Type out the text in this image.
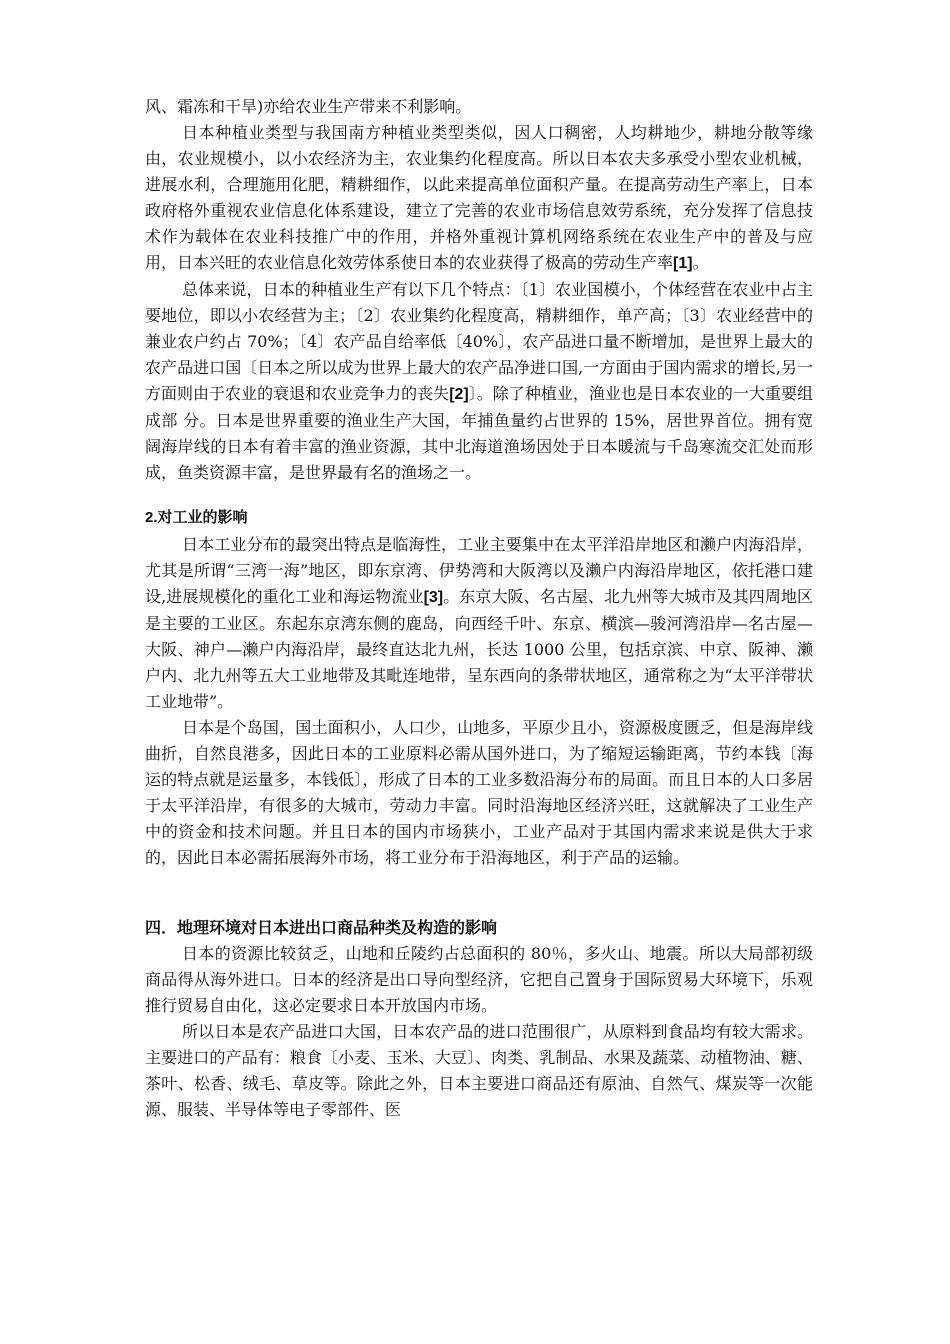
风、霜冻和干旱)亦给农业生产带来不利影响。

日本种植业类型与我国南方种植业类型类似，因人口稠密，人均耕地少，耕地分散等缘由，农业规模小，以小农经济为主，农业集约化程度高。所以日本农夫多承受小型农业机械，进展水利，合理施用化肥，精耕细作，以此来提高单位面积产量。在提高劳动生产率上，日本政府格外重视农业信息化体系建设，建立了完善的农业市场信息效劳系统，充分发挥了信息技术作为载体在农业科技推广中的作用，并格外重视计算机网络系统在农业生产中的普及与应用，日本兴旺的农业信息化效劳体系使日本的农业获得了极高的劳动生产率[1]。

总体来说，日本的种植业生产有以下几个特点：〔1〕农业国模小，个体经营在农业中占主要地位，即以小农经营为主；〔2〕农业集约化程度高，精耕细作，单产高；〔3〕农业经营中的兼业农户约占 70%；〔4〕农产品自给率低〔40%〕，农产品进口量不断增加，是世界上最大的农产品进口国〔日本之所以成为世界上最大的农产品净进口国,一方面由于国内需求的增长,另一方面则由于农业的衰退和农业竞争力的丧失[2]〕。除了种植业，渔业也是日本农业的一大重要组成部 分。日本是世界重要的渔业生产大国，年捕鱼量约占世界的 15%，居世界首位。拥有宽阔海岸线的日本有着丰富的渔业资源，其中北海道渔场因处于日本暖流与千岛寒流交汇处而形成，鱼类资源丰富，是世界最有名的渔场之一。

2.对工业的影响

日本工业分布的最突出特点是临海性，工业主要集中在太平洋沿岸地区和濑户内海沿岸，尤其是所谓“三湾一海”地区，即东京湾、伊势湾和大阪湾以及濑户内海沿岸地区，依托港口建设,进展规模化的重化工业和海运物流业[3]。东京大阪、名古屋、北九州等大城市及其四周地区是主要的工业区。东起东京湾东侧的鹿岛，向西经千叶、东京、横滨—骏河湾沿岸—名古屋—大阪、神户—濑户内海沿岸，最终直达北九州，长达 1000 公里，包括京滨、中京、阪神、濑户内、北九州等五大工业地带及其毗连地带，呈东西向的条带状地区，通常称之为“太平洋带状工业地带”。

日本是个岛国，国土面积小，人口少，山地多，平原少且小，资源极度匮乏，但是海岸线曲折，自然良港多，因此日本的工业原料必需从国外进口，为了缩短运输距离，节约本钱〔海运的特点就是运量多，本钱低〕，形成了日本的工业多数沿海分布的局面。而且日本的人口多居于太平洋沿岸，有很多的大城市，劳动力丰富。同时沿海地区经济兴旺，这就解决了工业生产中的资金和技术问题。并且日本的国内市场狭小，工业产品对于其国内需求来说是供大于求的，因此日本必需拓展海外市场，将工业分布于沿海地区，利于产品的运输。

四．地理环境对日本进出口商品种类及构造的影响

日本的资源比较贫乏，山地和丘陵约占总面积的 80％，多火山、地震。所以大局部初级商品得从海外进口。日本的经济是出口导向型经济，它把自己置身于国际贸易大环境下，乐观推行贸易自由化，这必定要求日本开放国内市场。

所以日本是农产品进口大国，日本农产品的进口范围很广，从原料到食品均有较大需求。主要进口的产品有：粮食〔小麦、玉米、大豆〕、肉类、乳制品、水果及蔬菜、动植物油、糖、茶叶、松香、绒毛、草皮等。除此之外，日本主要进口商品还有原油、自然气、煤炭等一次能源、服装、半导体等电子零部件、医
